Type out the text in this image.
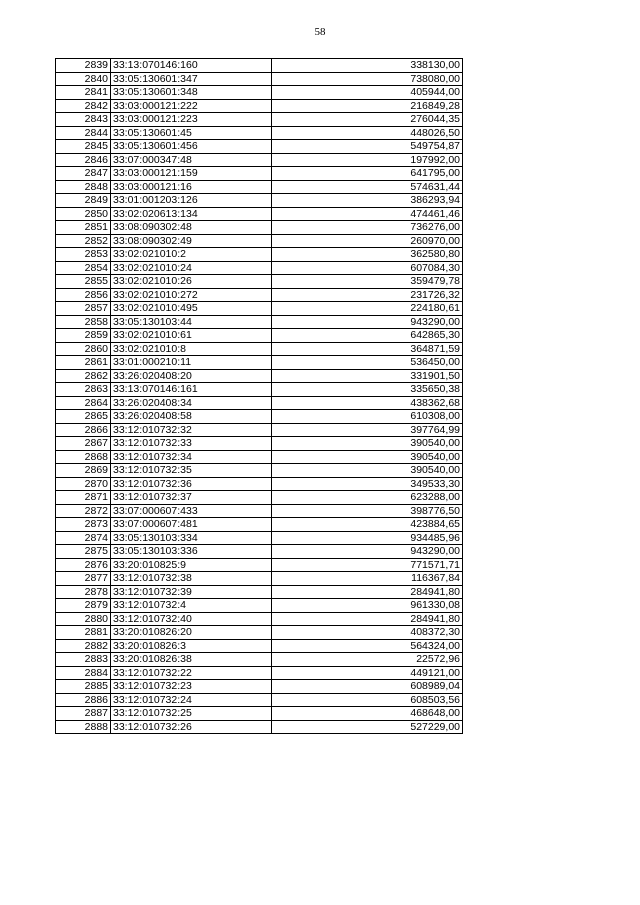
58
2839	33:13:070146:160	338130,00
2840	33:05:130601:347	738080,00
2841	33:05:130601:348	405944,00
2842	33:03:000121:222	216849,28
2843	33:03:000121:223	276044,35
2844	33:05:130601:45	448026,50
2845	33:05:130601:456	549754,87
2846	33:07:000347:48	197992,00
2847	33:03:000121:159	641795,00
2848	33:03:000121:16	574631,44
2849	33:01:001203:126	386293,94
2850	33:02:020613:134	474461,46
2851	33:08:090302:48	736276,00
2852	33:08:090302:49	260970,00
2853	33:02:021010:2	362580,80
2854	33:02:021010:24	607084,30
2855	33:02:021010:26	359479,78
2856	33:02:021010:272	231726,32
2857	33:02:021010:495	224180,61
2858	33:05:130103:44	943290,00
2859	33:02:021010:61	642865,30
2860	33:02:021010:8	364871,59
2861	33:01:000210:11	536450,00
2862	33:26:020408:20	331901,50
2863	33:13:070146:161	335650,38
2864	33:26:020408:34	438362,68
2865	33:26:020408:58	610308,00
2866	33:12:010732:32	397764,99
2867	33:12:010732:33	390540,00
2868	33:12:010732:34	390540,00
2869	33:12:010732:35	390540,00
2870	33:12:010732:36	349533,30
2871	33:12:010732:37	623288,00
2872	33:07:000607:433	398776,50
2873	33:07:000607:481	423884,65
2874	33:05:130103:334	934485,96
2875	33:05:130103:336	943290,00
2876	33:20:010825:9	771571,71
2877	33:12:010732:38	116367,84
2878	33:12:010732:39	284941,80
2879	33:12:010732:4	961330,08
2880	33:12:010732:40	284941,80
2881	33:20:010826:20	408372,30
2882	33:20:010826:3	564324,00
2883	33:20:010826:38	22572,96
2884	33:12:010732:22	449121,00
2885	33:12:010732:23	608989,04
2886	33:12:010732:24	608503,56
2887	33:12:010732:25	468648,00
2888	33:12:010732:26	527229,00
